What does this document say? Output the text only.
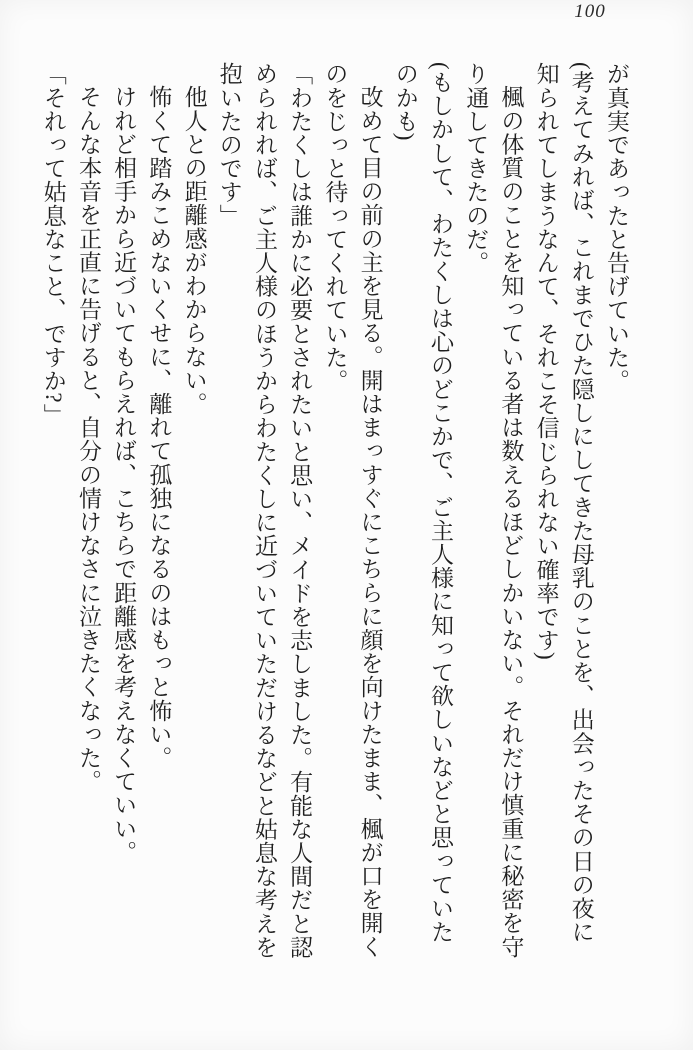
100

が真実であったと告げていた。

(考えてみれば、これまでひた隠しにしてきた母乳のことを、出会ったその日の夜に知られてしまうなんて、それこそ信じられない確率です)

楓の体質のことを知っている者は数えるほどしかいない。それだけ慎重に秘密を守り通してきたのだ。

(もしかして、わたくしは心のどこかで、ご主人様に知って欲しいなどと思っていたのかも)

改めて目の前の主を見る。開はまっすぐにこちらに顔を向けたまま、楓が口を開くのをじっと待ってくれていた。

「わたくしは誰かに必要とされたいと思い、メイドを志しました。有能な人間だと認められれば、ご主人様のほうからわたくしに近づいていただけるなどと姑息な考えを抱いたのです」

他人との距離感がわからない。

怖くて踏みこめないくせに、離れて孤独になるのはもっと怖い。

けれど相手から近づいてもらえれば、こちらで距離感を考えなくていい。

そんな本音を正直に告げると、自分の情けなさに泣きたくなった。

「それって姑息なこと、ですか?」
